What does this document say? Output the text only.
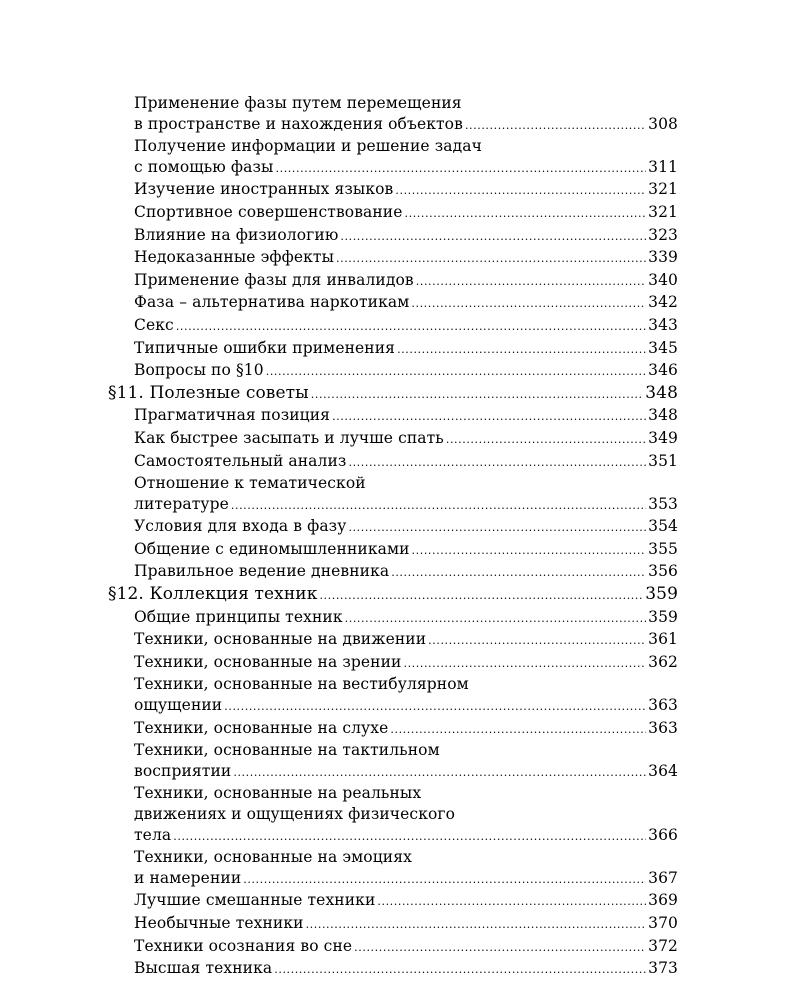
Применение фазы путем перемещения
в пространстве и нахождения объектов .....	308
Получение информации и решение задач
с помощью фазы .....	311
Изучение иностранных языков .....	321
Спортивное совершенствование .....	321
Влияние на физиологию .....	323
Недоказанные эффекты .....	339
Применение фазы для инвалидов .....	340
Фаза – альтернатива наркотикам .....	342
Секс .....	343
Типичные ошибки применения .....	345
Вопросы по §10 .....	346
§11. Полезные советы .....	348
Прагматичная позиция .....	348
Как быстрее засыпать и лучше спать .....	349
Самостоятельный анализ .....	351
Отношение к тематической
литературе .....	353
Условия для входа в фазу .....	354
Общение с единомышленниками .....	355
Правильное ведение дневника .....	356
§12. Коллекция техник .....	359
Общие принципы техник .....	359
Техники, основанные на движении .....	361
Техники, основанные на зрении .....	362
Техники, основанные на вестибулярном
ощущении .....	363
Техники, основанные на слухе .....	363
Техники, основанные на тактильном
восприятии .....	364
Техники, основанные на реальных
движениях и ощущениях физического
тела .....	366
Техники, основанные на эмоциях
и намерении .....	367
Лучшие смешанные техники .....	369
Необычные техники .....	370
Техники осознания во сне .....	372
Высшая техника .....	373
